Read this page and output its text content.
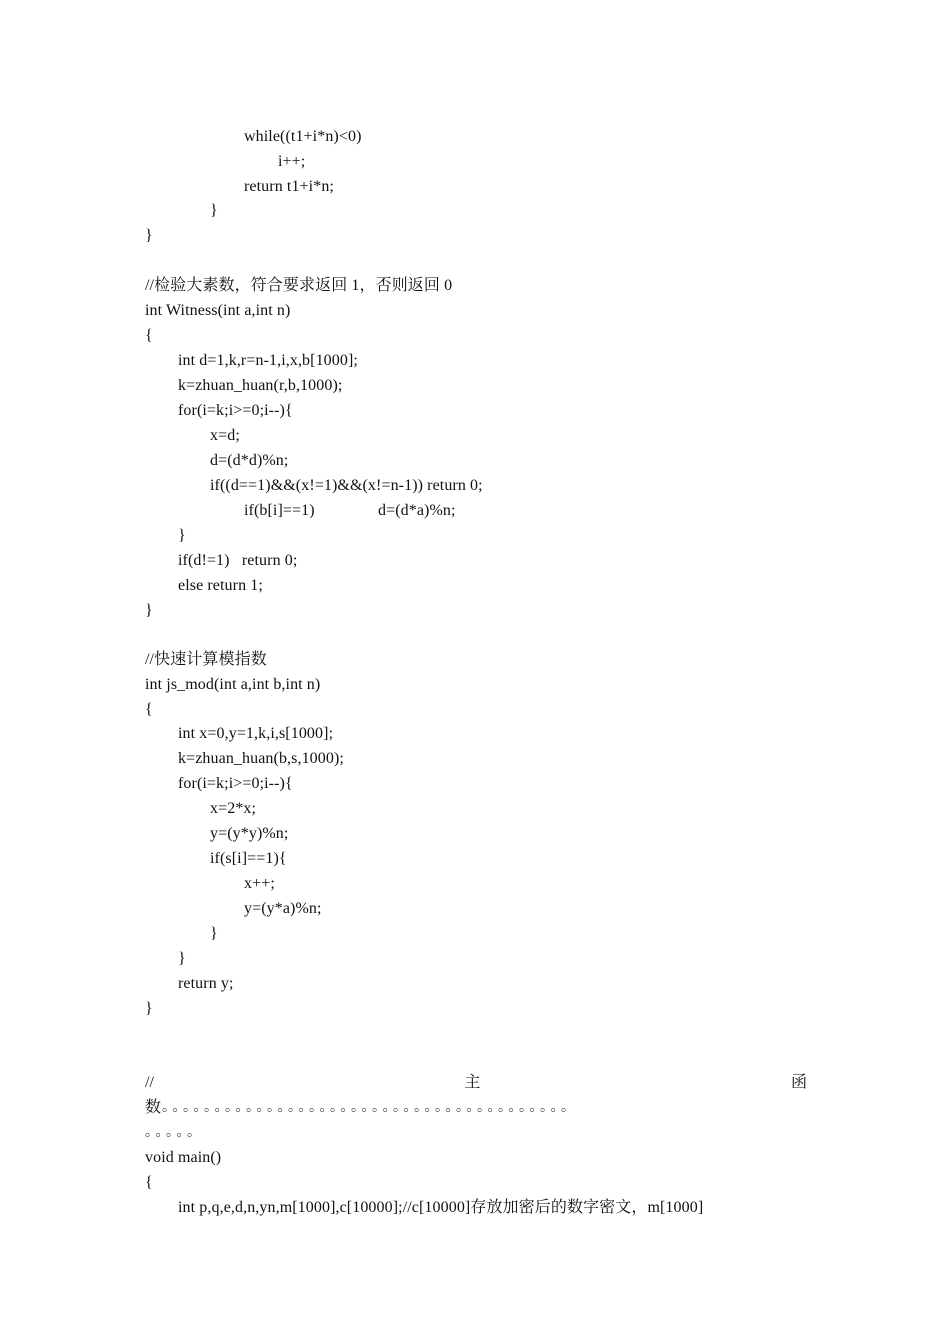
while((t1+i*n)<0)
i++;
return t1+i*n;
}
}
//检验大素数，符合要求返回 1，否则返回 0
int Witness(int a,int n)
{
int d=1,k,r=n-1,i,x,b[1000];
k=zhuan_huan(r,b,1000);
for(i=k;i>=0;i--){
x=d;
d=(d*d)%n;
if((d==1)&&(x!=1)&&(x!=n-1)) return 0;
if(b[i]==1)	d=(d*a)%n;
}
if(d!=1)   return 0;
else return 1;
}
//快速计算模指数
int js_mod(int a,int b,int n)
{
int x=0,y=1,k,i,s[1000];
k=zhuan_huan(b,s,1000);
for(i=k;i>=0;i--){
x=2*x;
y=(y*y)%n;
if(s[i]==1){
x++;
y=(y*a)%n;
}
}
return y;
}
//	主	函
数 。。。。。。。。。。。。。。。。。。。。。。。。。。。。。。。。。。。。。。。
。。。。。
void main()
{
int p,q,e,d,n,yn,m[1000],c[10000];//c[10000]存放加密后的数字密文，m[1000]
